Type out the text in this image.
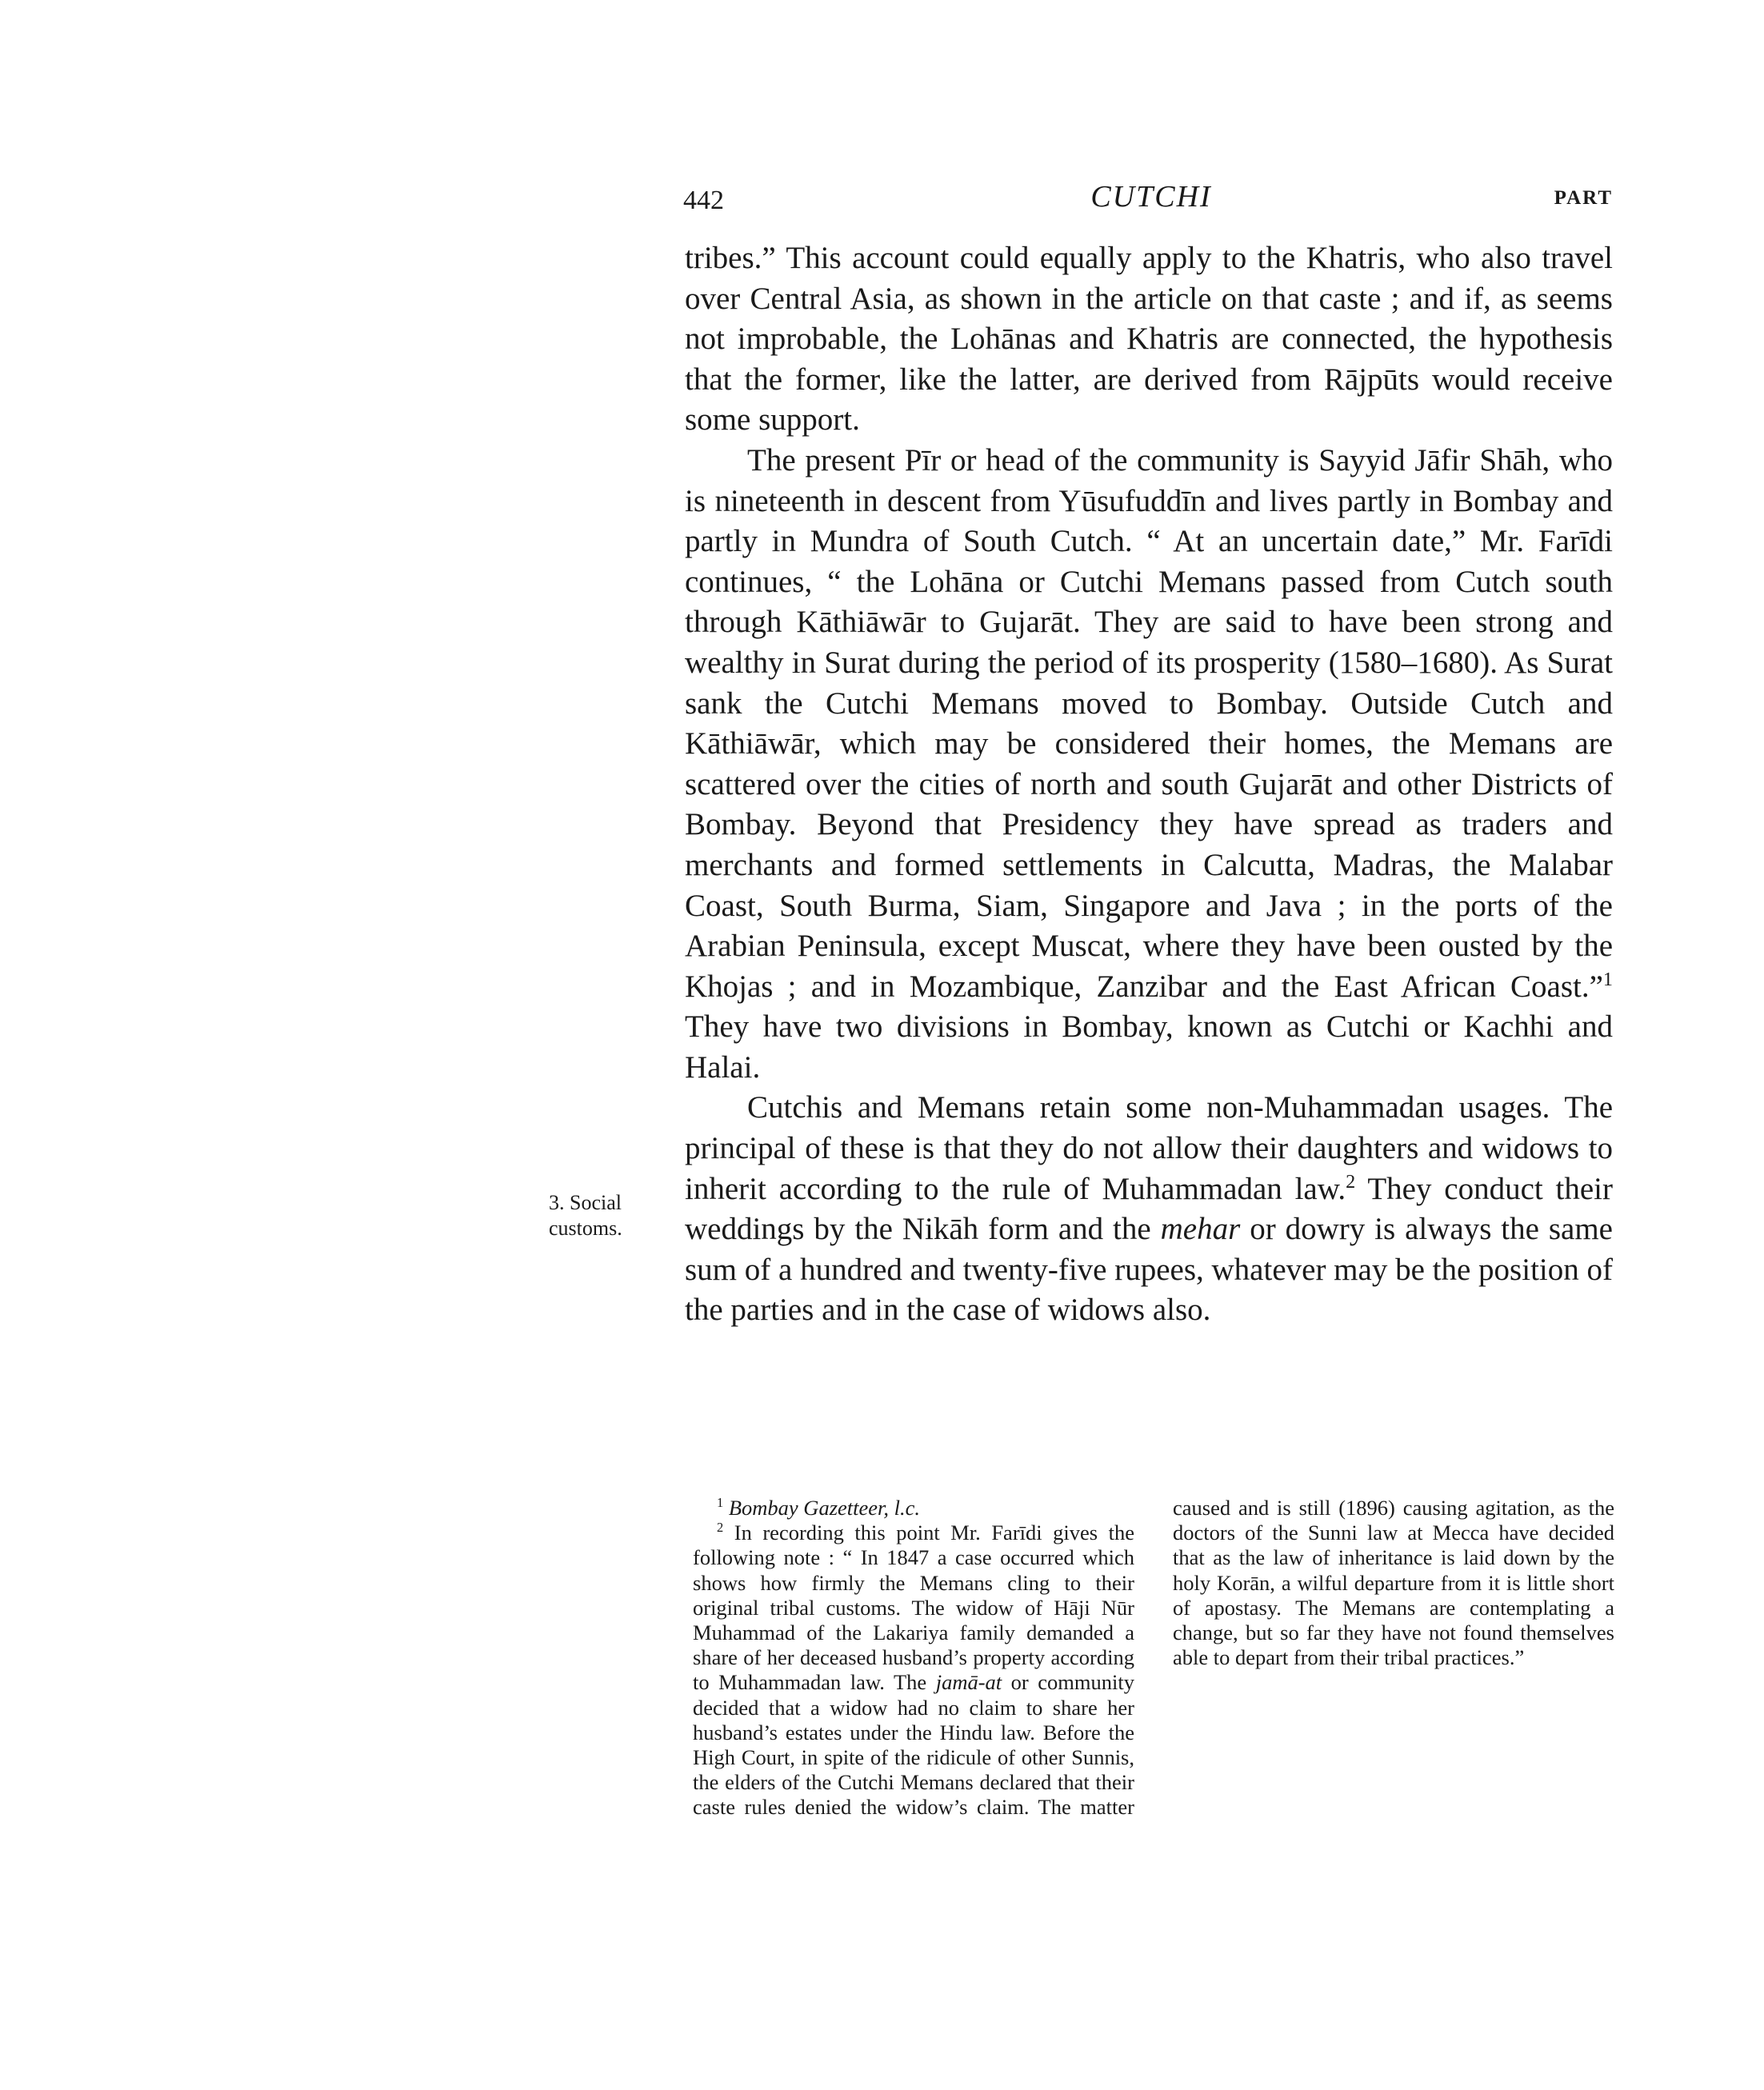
442	CUTCHI	PART
3. Social
customs.

tribes.” This account could equally apply to the Khatris, who also travel over Central Asia, as shown in the article on that caste ; and if, as seems not improbable, the Lohānas and Khatris are connected, the hypothesis that the former, like the latter, are derived from Rājpūts would receive some support.

The present Pīr or head of the community is Sayyid Jāfir Shāh, who is nineteenth in descent from Yūsufuddīn and lives partly in Bombay and partly in Mundra of South Cutch. “ At an uncertain date,” Mr. Farīdi continues, “ the Lohāna or Cutchi Memans passed from Cutch south through Kāthiāwār to Gujarāt. They are said to have been strong and wealthy in Surat during the period of its prosperity (1580–1680). As Surat sank the Cutchi Memans moved to Bombay. Outside Cutch and Kāthiāwār, which may be considered their homes, the Memans are scattered over the cities of north and south Gujarāt and other Districts of Bombay. Beyond that Presidency they have spread as traders and merchants and formed settlements in Calcutta, Madras, the Malabar Coast, South Burma, Siam, Singapore and Java ; in the ports of the Arabian Peninsula, except Muscat, where they have been ousted by the Khojas ; and in Mozambique, Zanzibar and the East African Coast.”$^1$ They have two divisions in Bombay, known as Cutchi or Kachhi and Halai.

Cutchis and Memans retain some non-Muhammadan usages. The principal of these is that they do not allow their daughters and widows to inherit according to the rule of Muhammadan law.$^2$ They conduct their weddings by the Nikāh form and the mehar or dowry is always the same sum of a hundred and twenty-five rupees, whatever may be the position of the parties and in the case of widows also.

$^1$ Bombay Gazetteer, l.c.

$^2$ In recording this point Mr. Farīdi gives the following note : “ In 1847 a case occurred which shows how firmly the Memans cling to their original tribal customs. The widow of Hāji Nūr Muhammad of the Lakariya family demanded a share of her deceased husband’s property according to Muhammadan law. The jamā-at or community decided that a widow had no claim to share her husband’s estates under the Hindu law. Before the High Court, in spite of the ridicule of other Sunnis, the elders of the Cutchi Memans declared that their caste rules denied the widow’s claim. The matter caused and is still (1896) causing agitation, as the doctors of the Sunni law at Mecca have decided that as the law of inheritance is laid down by the holy Korān, a wilful departure from it is little short of apostasy. The Memans are contemplating a change, but so far they have not found themselves able to depart from their tribal practices.”
